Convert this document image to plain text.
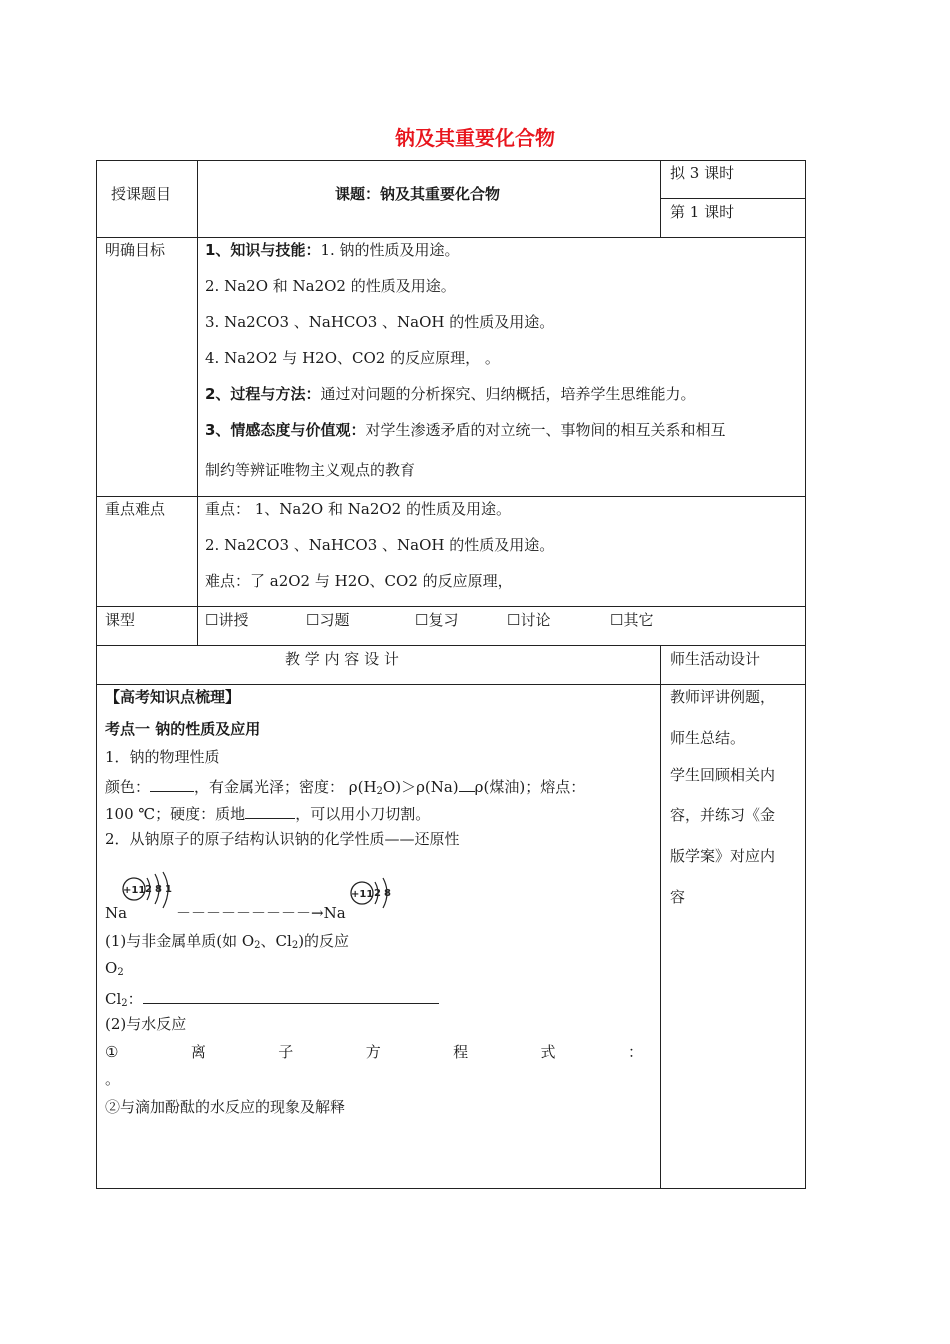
钠及其重要化合物
授课题目	课题：钠及其重要化合物
拟 3 课时
第 1 课时
明确目标	1、知识与技能：1. 钠的性质及用途。
2. Na2O 和 Na2O2 的性质及用途。
3. Na2CO3 、NaHCO3 、NaOH 的性质及用途。
4. Na2O2 与 H2O、CO2 的反应原理， 。
2、过程与方法：通过对问题的分析探究、归纳概括，培养学生思维能力。
3、情感态度与价值观：对学生渗透矛盾的对立统一、事物间的相互关系和相互
制约等辨证唯物主义观点的教育
重点难点	重点： 1、Na2O 和 Na2O2 的性质及用途。
2. Na2CO3 、NaHCO3 、NaOH 的性质及用途。
难点：了 a2O2 与 H2O、CO2 的反应原理，
课型	☐讲授	☐习题	☐复习	☐讨论	☐其它
教 学 内 容 设 计	师生活动设计
【高考知识点梳理】
考点一 钠的性质及应用
1．钠的物理性质
颜色：	，有金属光泽；密度： $\rho(H_2O)>\rho(Na)$ ρ(煤油)；熔点：
100 ℃；硬度：质地	，可以用小刀切割。
2．从钠原子的原子结构认识钠的化学性质——还原性
+11 2 8 1	+11 2 8
Na	－－－－－－－－－→Na
(1)与非金属单质(如 $O_2$、$Cl_2$)的反应
$O_2$
$Cl_2$：
(2)与水反应
①	离	子	方	程	式	：
。
②与滴加酚酞的水反应的现象及解释
教师评讲例题，
师生总结。
学生回顾相关内
容，并练习《金
版学案》对应内
容
